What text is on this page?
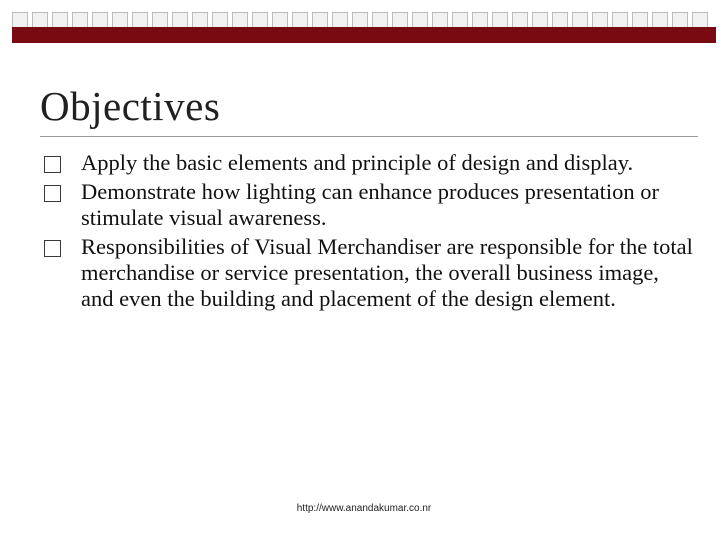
Objectives
Apply the basic elements and principle of design and display.
Demonstrate how lighting can enhance produces presentation or stimulate visual awareness.
Responsibilities of Visual Merchandiser are responsible for the total merchandise or service presentation, the overall business image, and even the building and placement of the design element.
http://www.anandakumar.co.nr
